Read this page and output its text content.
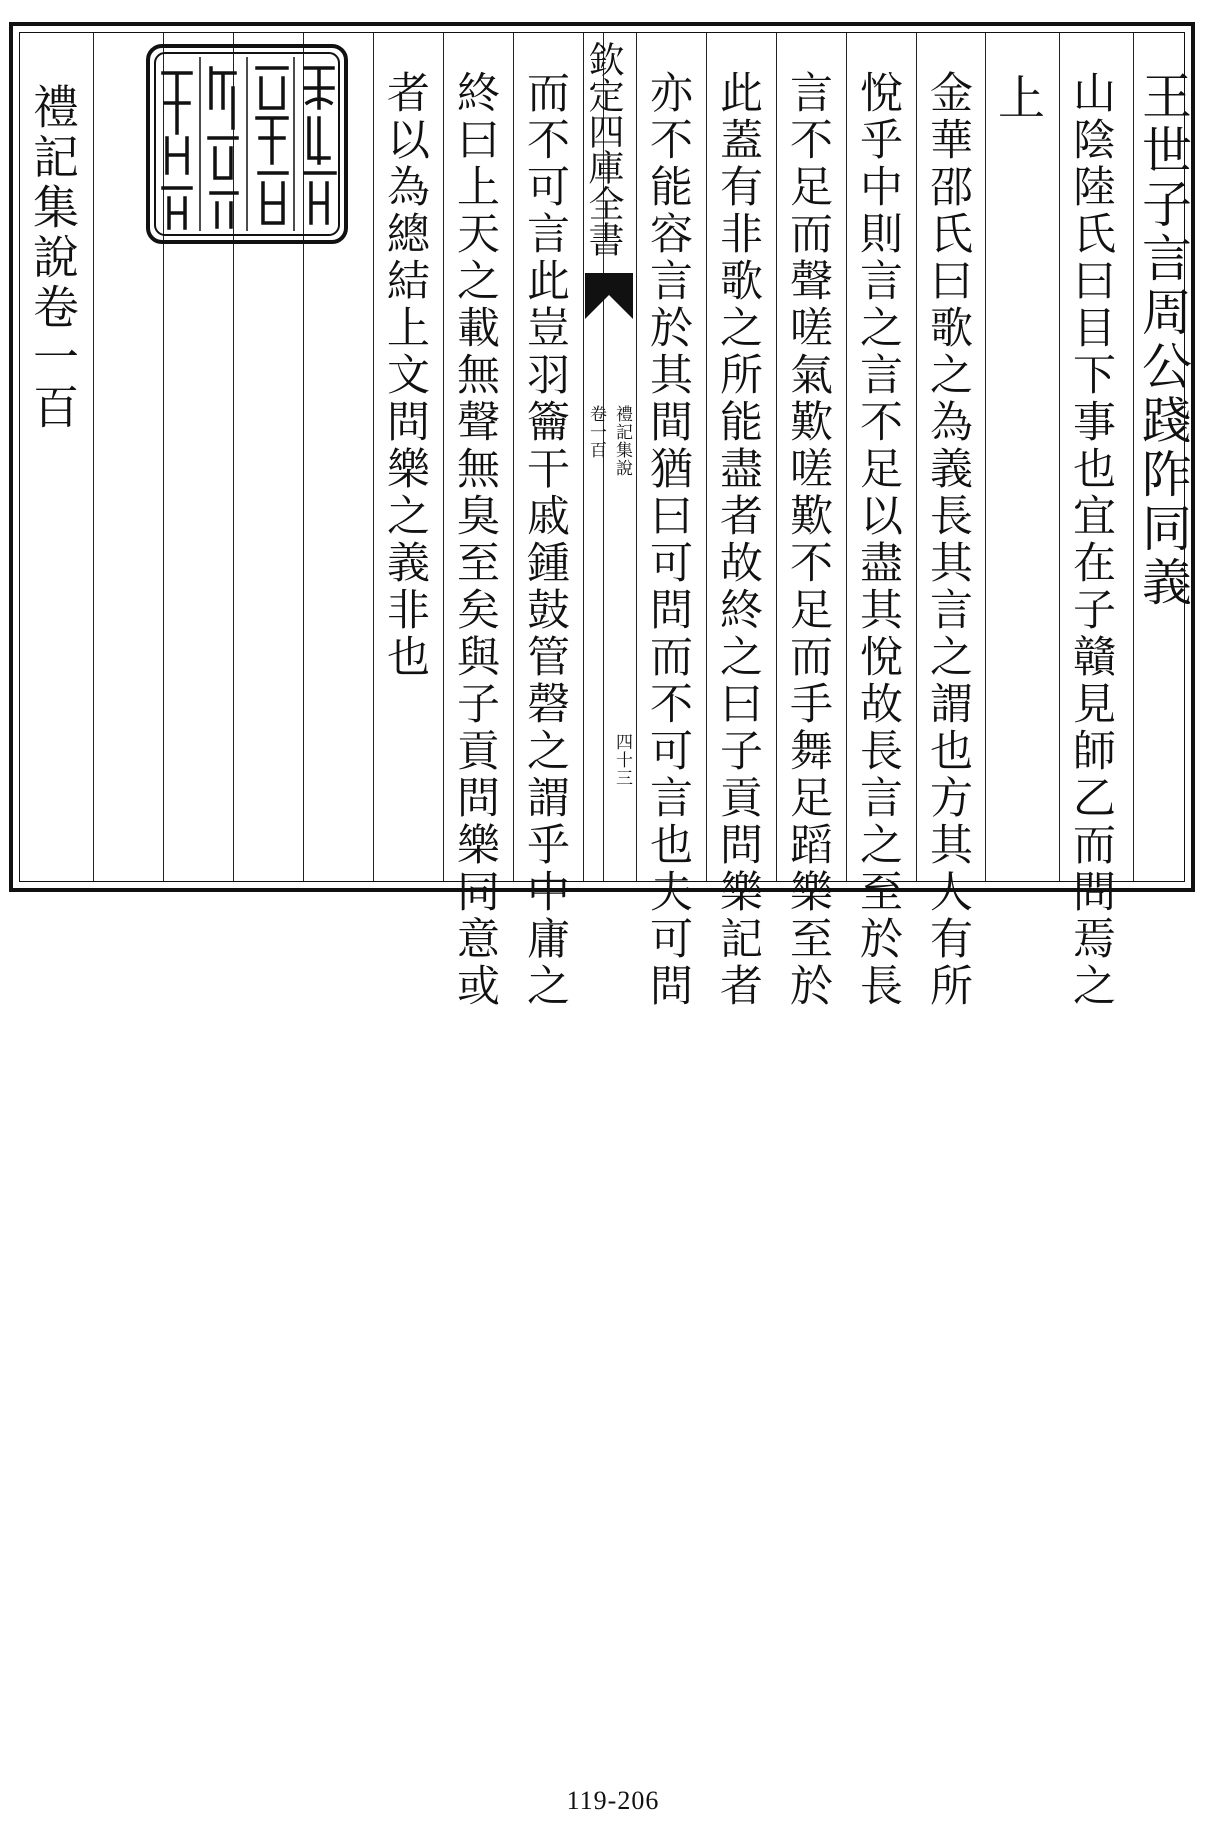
王世子言周公踐阼同義
山陰陸氏曰目下事也宜在子贛見師乙而問焉之
上
金華邵氏曰歌之為義長其言之謂也方其人有所
悅乎中則言之言不足以盡其悅故長言之至於長
言不足而聲嗟氣歎嗟歎不足而手舞足蹈樂至於
此蓋有非歌之所能盡者故終之曰子貢問樂記者
亦不能容言於其間猶曰可問而不可言也夫可問
欽定四庫全書
禮記集說
卷一百
四十三
而不可言此豈羽籥干戚鍾鼓管磬之謂乎中庸之
終曰上天之載無聲無臭至矣與子貢問樂同意或
者以為總結上文問樂之義非也
禮記集說卷一百
119-206
